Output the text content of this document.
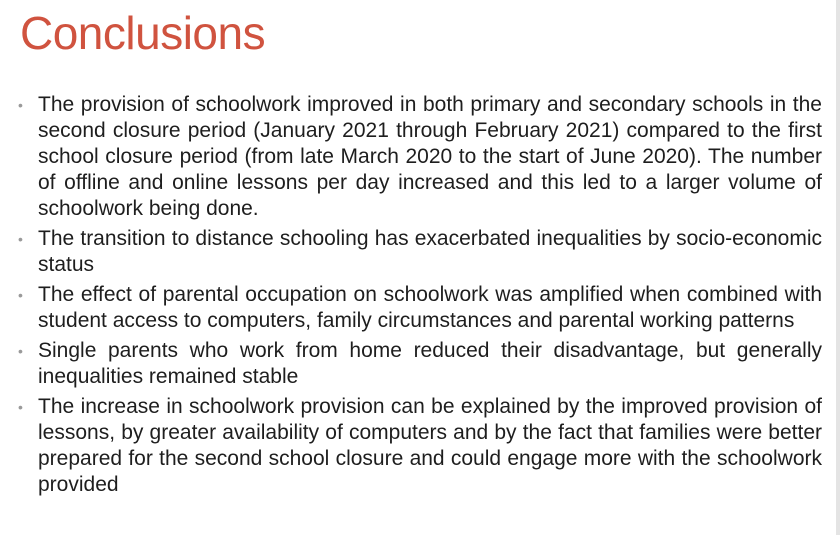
Conclusions
• The provision of schoolwork improved in both primary and secondary schools in the second closure period (January 2021 through February 2021) compared to the first school closure period (from late March 2020 to the start of June 2020). The number of offline and online lessons per day increased and this led to a larger volume of schoolwork being done.
• The transition to distance schooling has exacerbated inequalities by socio-economic status
• The effect of parental occupation on schoolwork was amplified when combined with student access to computers, family circumstances and parental working patterns
• Single parents who work from home reduced their disadvantage, but generally inequalities remained stable
• The increase in schoolwork provision can be explained by the improved provision of lessons, by greater availability of computers and by the fact that families were better prepared for the second school closure and could engage more with the schoolwork provided
